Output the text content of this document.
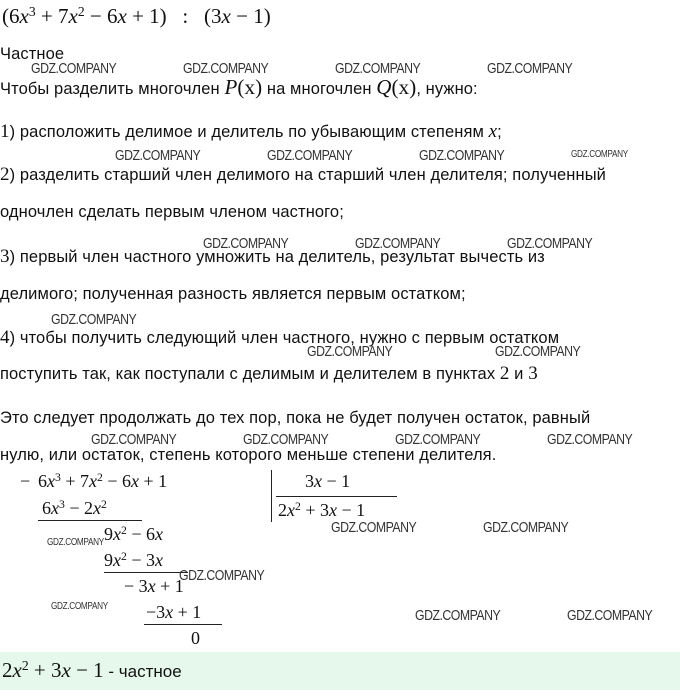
$(6x^3 + 7x^2 - 6x + 1)$ : (3x − 1)
Частное
Чтобы разделить многочлен P(x) на многочлен Q(x), нужно:
1) расположить делимое и делитель по убывающим степеням x;
2) разделить старший член делимого на старший член делителя; полученный
одночлен сделать первым членом частного;
3) первый член частного умножить на делитель, результат вычесть из
делимого; полученная разность является первым остатком;
4) чтобы получить следующий член частного, нужно с первым остатком
поступить так, как поступали с делимым и делителем в пунктах 2 и 3
Это следует продолжать до тех пор, пока не будет получен остаток, равный
нулю, или остаток, степень которого меньше степени делителя.
− $6x^3 + 7x^2 - 6x + 1$
$6x^3 - 2x^2$
$9x^2 - 6x$
$9x^2 - 3x$
− 3x + 1
−3x + 1
0
3x − 1
$2x^2 + 3x - 1$
$2x^2 + 3x - 1$ - частное
GDZ.COMPANY	GDZ.COMPANY	GDZ.COMPANY	GDZ.COMPANY
GDZ.COMPANY	GDZ.COMPANY	GDZ.COMPANY	GDZ.COMPANY
GDZ.COMPANY	GDZ.COMPANY	GDZ.COMPANY
GDZ.COMPANY
GDZ.COMPANY	GDZ.COMPANY
GDZ.COMPANY	GDZ.COMPANY	GDZ.COMPANY	GDZ.COMPANY
GDZ.COMPANY	GDZ.COMPANY
GDZ.COMPANY
GDZ.COMPANY
GDZ.COMPANY
GDZ.COMPANY	GDZ.COMPANY
